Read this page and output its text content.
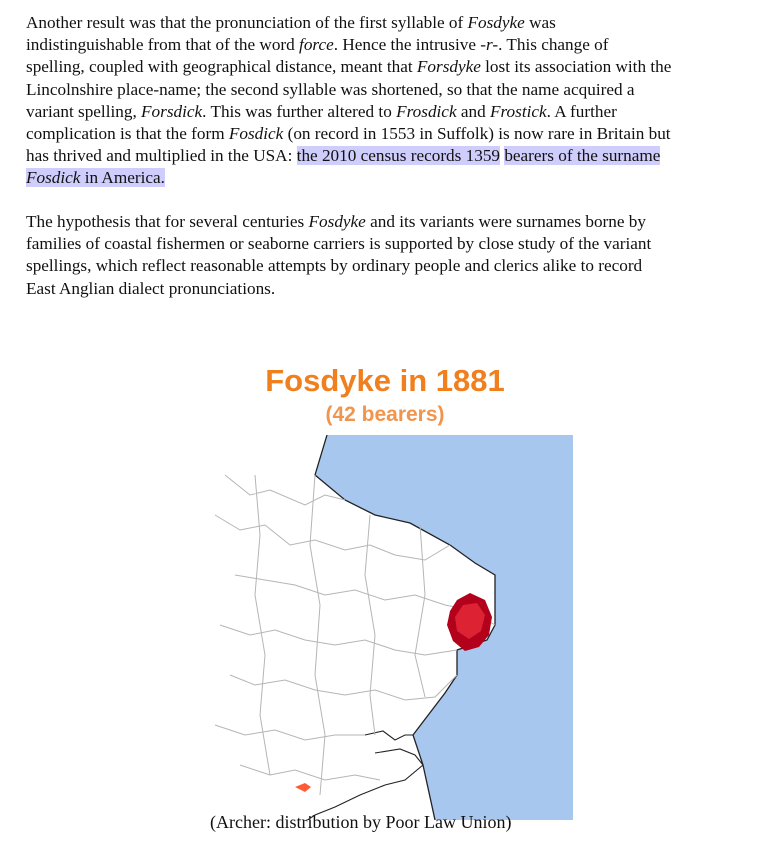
Another result was that the pronunciation of the first syllable of Fosdyke was
indistinguishable from that of the word force. Hence the intrusive -r-. This change of
spelling, coupled with geographical distance, meant that Forsdyke lost its association with the
Lincolnshire place-name; the second syllable was shortened, so that the name acquired a
variant spelling, Forsdick. This was further altered to Frosdick and Frostick. A further
complication is that the form Fosdick (on record in 1553 in Suffolk) is now rare in Britain but
has thrived and multiplied in the USA: the 2010 census records 1359 bearers of the surname
Fosdick in America.
The hypothesis that for several centuries Fosdyke and its variants were surnames borne by
families of coastal fishermen or seaborne carriers is supported by close study of the variant
spellings, which reflect reasonable attempts by ordinary people and clerics alike to record
East Anglian dialect pronunciations.
Fosdyke in 1881
(42 bearers)
(Archer: distribution by Poor Law Union)
